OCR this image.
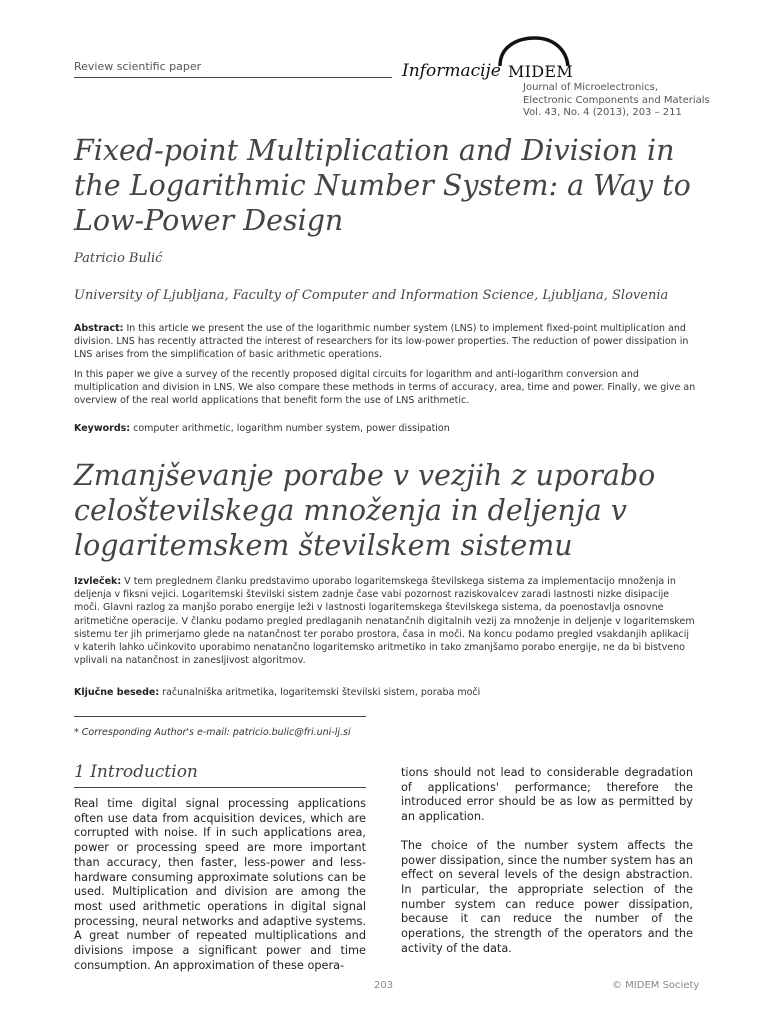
Review scientific paper	Informacije MIDEM
Journal of Microelectronics,
Electronic Components and Materials
Vol. 43, No. 4 (2013), 203 – 211
Fixed-point Multiplication and Division in the Logarithmic Number System: a Way to Low-Power Design
Patricio Bulić
University of Ljubljana, Faculty of Computer and Information Science, Ljubljana, Slovenia
Abstract: In this article we present the use of the logarithmic number system (LNS) to implement fixed-point multiplication and division. LNS has recently attracted the interest of researchers for its low-power properties. The reduction of power dissipation in LNS arises from the simplification of basic arithmetic operations.
In this paper we give a survey of the recently proposed digital circuits for logarithm and anti-logarithm conversion and multiplication and division in LNS. We also compare these methods in terms of accuracy, area, time and power. Finally, we give an overview of the real world applications that benefit form the use of LNS arithmetic.
Keywords: computer arithmetic, logarithm number system, power dissipation
Zmanjševanje porabe v vezjih z uporabo celoštevilskega množenja in deljenja v logaritemskem številskem sistemu
Izvleček: V tem preglednem članku predstavimo uporabo logaritemskega številskega sistema za implementacijo množenja in deljenja v fiksni vejici. Logaritemski številski sistem zadnje čase vabi pozornost raziskovalcev zaradi lastnosti nizke disipacije moči. Glavni razlog za manjšo porabo energije leži v lastnosti logaritemskega številskega sistema, da poenostavlja osnovne aritmetične operacije. V članku podamo pregled predlaganih nenatančnih digitalnih vezij za množenje in deljenje v logaritemskem sistemu ter jih primerjamo glede na natančnost ter porabo prostora, časa in moči. Na koncu podamo pregled vsakdanjih aplikacij v katerih lahko učinkovito uporabimo nenatančno logaritemsko aritmetiko in tako zmanjšamo porabo energije, ne da bi bistveno vplivali na natančnost in zanesljivost algoritmov.
Ključne besede: računalniška aritmetika, logaritemski številski sistem, poraba moči
* Corresponding Author's e-mail: patricio.bulic@fri.uni-lj.si
1 Introduction
Real time digital signal processing applications often use data from acquisition devices, which are corrupted with noise. If in such applications area, power or processing speed are more important than accuracy, then faster, less-power and less-hardware consuming approximate solutions can be used. Multiplication and division are among the most used arithmetic operations in digital signal processing, neural networks and adaptive systems. A great number of repeated multiplications and divisions impose a significant power and time consumption. An approximation of these opera-

tions should not lead to considerable degradation of applications' performance; therefore the introduced error should be as low as permitted by an application.

The choice of the number system affects the power dissipation, since the number system has an effect on several levels of the design abstraction. In particular, the appropriate selection of the number system can reduce power dissipation, because it can reduce the number of the operations, the strength of the operators and the activity of the data.

203	© MIDEM Society
